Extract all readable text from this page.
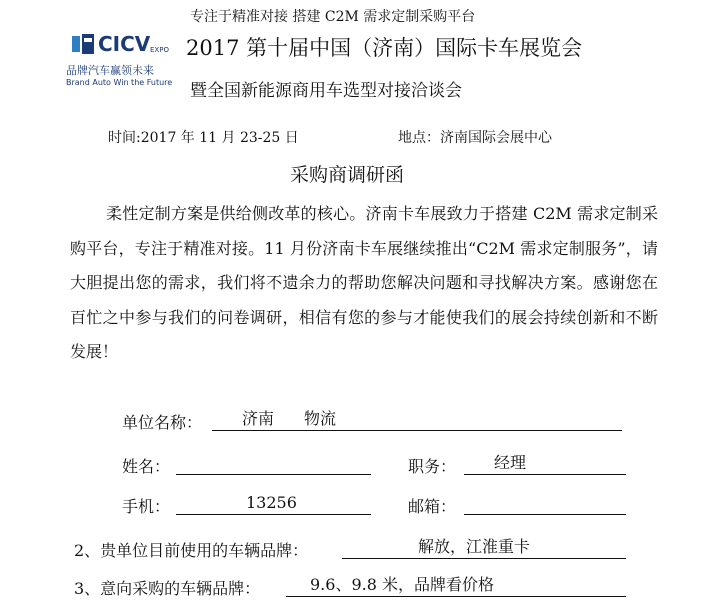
专注于精准对接 搭建 C2M 需求定制采购平台
CICV EXPO
品牌汽车赢领未来
Brand Auto Win the Future
2017 第十届中国（济南）国际卡车展览会
暨全国新能源商用车选型对接洽谈会
时间:2017 年 11 月 23-25 日	地点：济南国际会展中心
采购商调研函

柔性定制方案是供给侧改革的核心。济南卡车展致力于搭建 C2M 需求定制采购平台，专注于精准对接。11 月份济南卡车展继续推出“C2M 需求定制服务”，请大胆提出您的需求，我们将不遗余力的帮助您解决问题和寻找解决方案。感谢您在百忙之中参与我们的问卷调研，相信有您的参与才能使我们的展会持续创新和不断发展！

单位名称： 济南 物流
姓名：	职务： 经理
手机：	13256	邮箱：
2、贵单位目前使用的车辆品牌：	解放，江淮重卡
3、意向采购的车辆品牌：	9.6、9.8 米，品牌看价格
